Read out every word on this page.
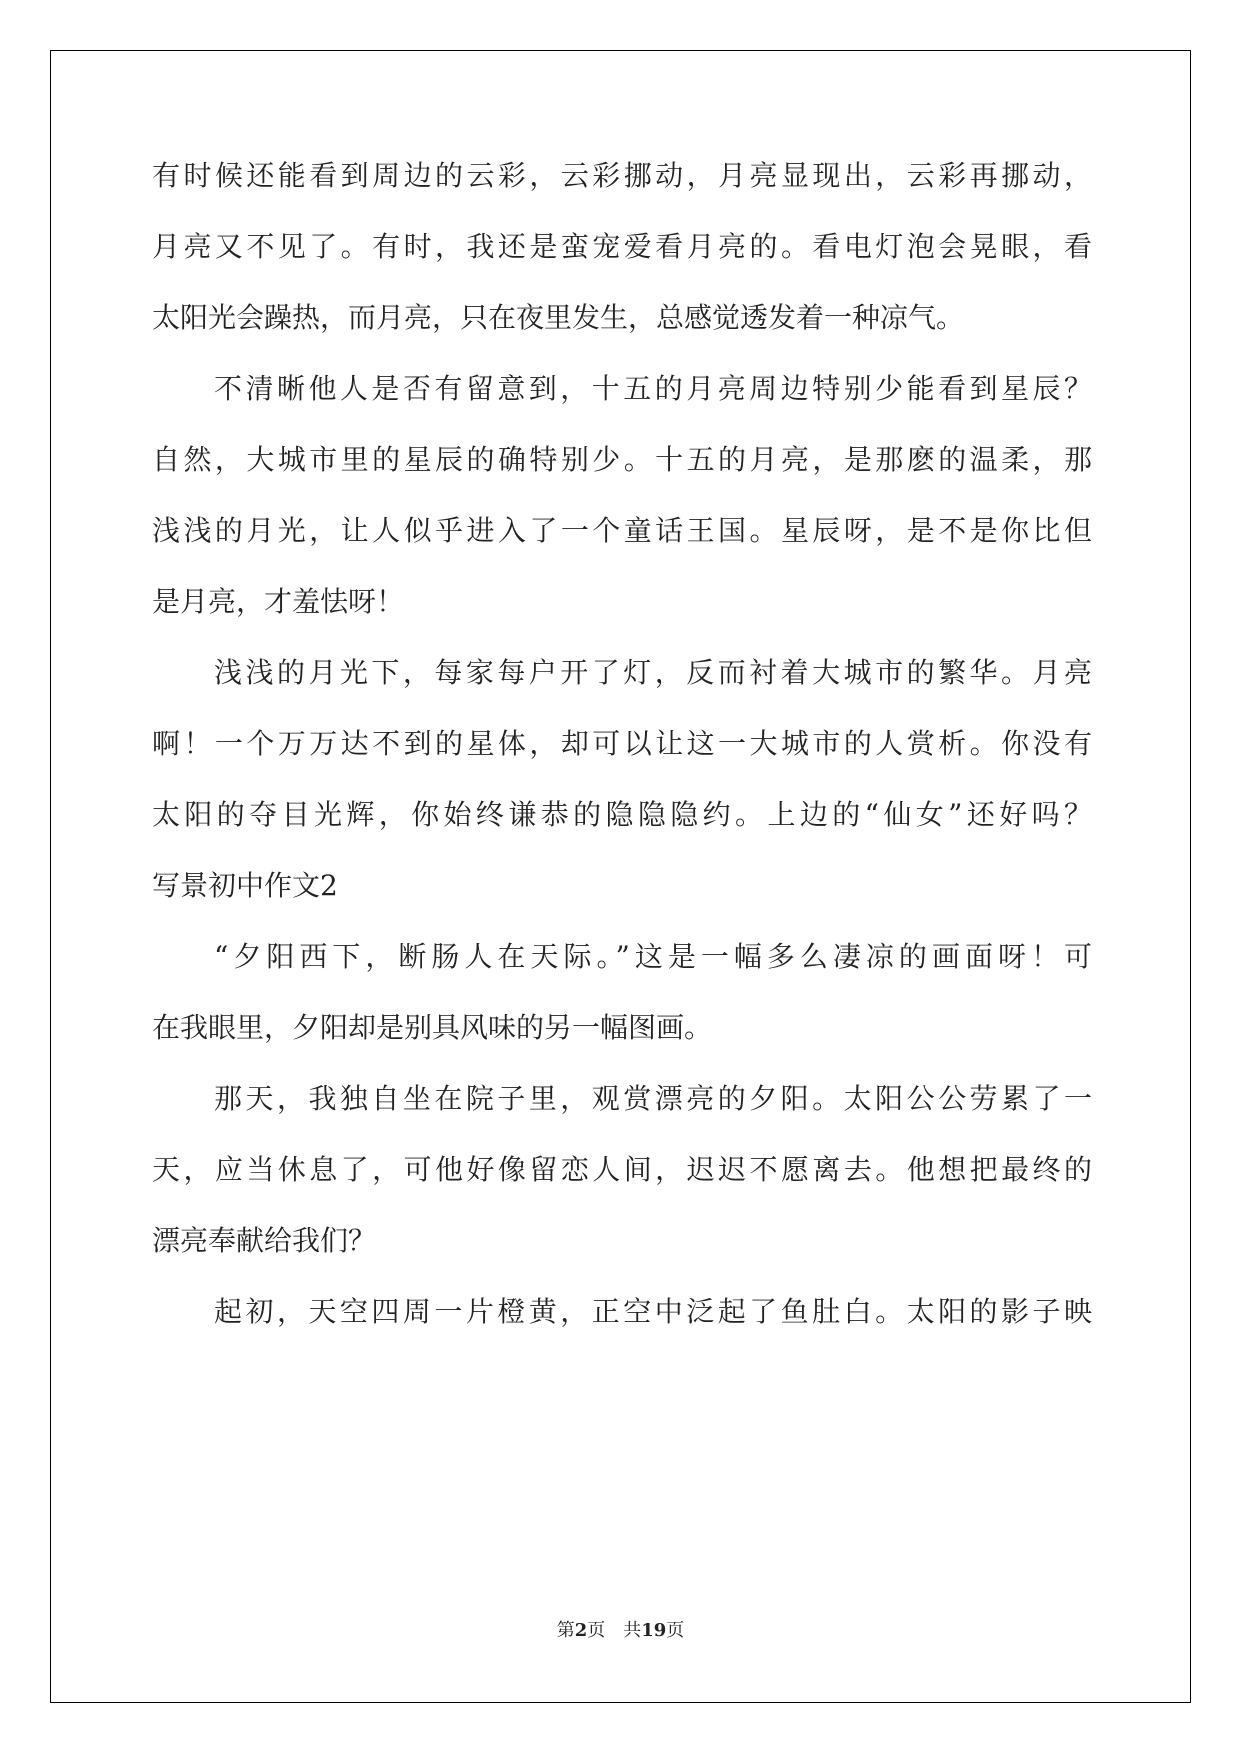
有时候还能看到周边的云彩，云彩挪动，月亮显现出，云彩再挪动，
月亮又不见了。有时，我还是蛮宠爱看月亮的。看电灯泡会晃眼，看
太阳光会躁热，而月亮，只在夜里发生，总感觉透发着一种凉气。
不清晰他人是否有留意到，十五的月亮周边特别少能看到星辰？
自然，大城市里的星辰的确特别少。十五的月亮，是那麽的温柔，那
浅浅的月光，让人似乎进入了一个童话王国。星辰呀，是不是你比但
是月亮，才羞怯呀！
浅浅的月光下，每家每户开了灯，反而衬着大城市的繁华。月亮
啊！一个万万达不到的星体，却可以让这一大城市的人赏析。你没有
太阳的夺目光辉，你始终谦恭的隐隐隐约。上边的“仙女”还好吗？
写景初中作文2
“夕阳西下，断肠人在天际。”这是一幅多么凄凉的画面呀！可
在我眼里，夕阳却是别具风味的另一幅图画。
那天，我独自坐在院子里，观赏漂亮的夕阳。太阳公公劳累了一
天，应当休息了，可他好像留恋人间，迟迟不愿离去。他想把最终的
漂亮奉献给我们？
起初，天空四周一片橙黄，正空中泛起了鱼肚白。太阳的影子映
第2页 共19页
